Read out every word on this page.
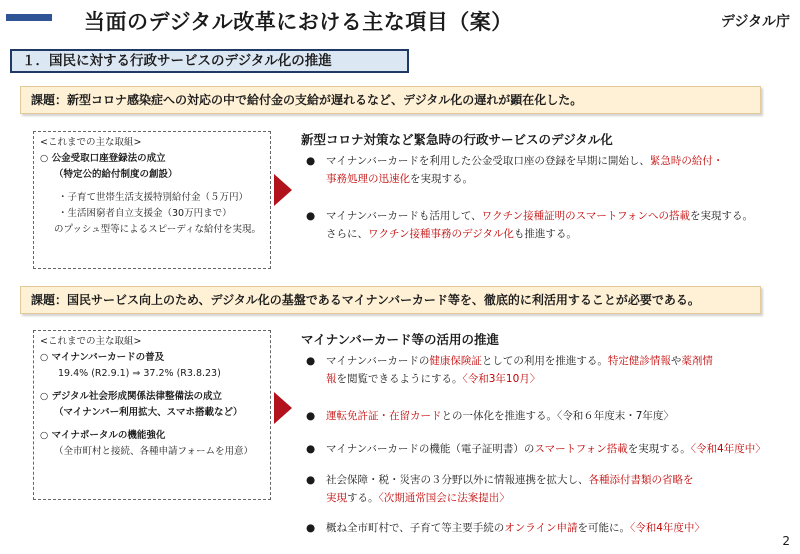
当面のデジタル改革における主な項目（案）	デジタル庁
１．国民に対する行政サービスのデジタル化の推進
課題：新型コロナ感染症への対応の中で給付金の支給が遅れるなど、デジタル化の遅れが顕在化した。
<これまでの主な取組>
○ 公金受取口座登録法の成立
（特定公的給付制度の創設）
・子育て世帯生活支援特別給付金（５万円）
・生活困窮者自立支援金（30万円まで）
のプッシュ型等によるスピーディな給付を実現。
新型コロナ対策など緊急時の行政サービスのデジタル化
● マイナンバーカードを利用した公金受取口座の登録を早期に開始し、緊急時の給付・
事務処理の迅速化を実現する。
● マイナンバーカードも活用して、ワクチン接種証明のスマートフォンへの搭載を実現する。
さらに、ワクチン接種事務のデジタル化も推進する。
課題：国民サービス向上のため、デジタル化の基盤であるマイナンバーカード等を、徹底的に利活用することが必要である。
<これまでの主な取組>
○ マイナンバーカードの普及
19.4% (R2.9.1) ⇒ 37.2% (R3.8.23)
○ デジタル社会形成関係法律整備法の成立
（マイナンバー利用拡大、スマホ搭載など）
○ マイナポータルの機能強化
（全市町村と接続、各種申請フォームを用意）
マイナンバーカード等の活用の推進
● マイナンバーカードの健康保険証としての利用を推進する。特定健診情報や薬剤情
報を閲覧できるようにする。〈令和3年10月〉
● 運転免許証・在留カードとの一体化を推進する。〈令和６年度末・7年度〉
● マイナンバーカードの機能（電子証明書）のスマートフォン搭載を実現する。〈令和4年度中〉
● 社会保障・税・災害の３分野以外に情報連携を拡大し、各種添付書類の省略を
実現する。〈次期通常国会に法案提出〉
● 概ね全市町村で、子育て等主要手続のオンライン申請を可能に。〈令和4年度中〉
2
